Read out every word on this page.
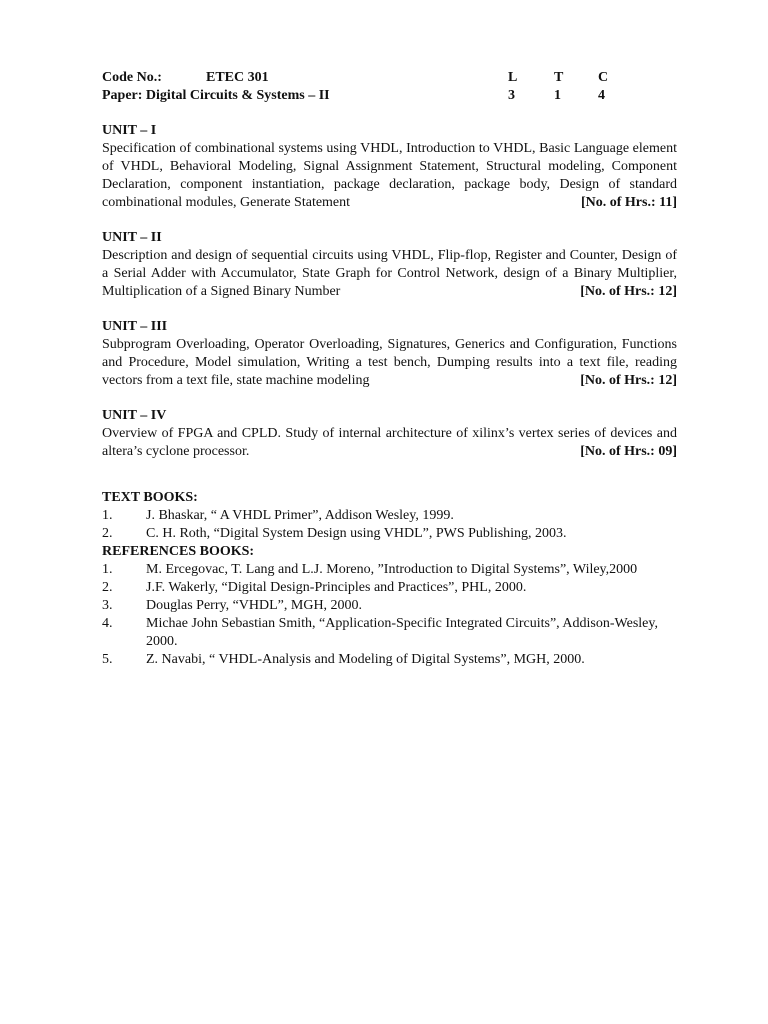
Code No.:	ETEC 301	L	T C
Paper: Digital Circuits & Systems – II	3	1	4
UNIT – I
Specification of combinational systems using VHDL, Introduction to VHDL, Basic Language element of VHDL, Behavioral Modeling, Signal Assignment Statement, Structural modeling, Component Declaration, component instantiation, package declaration, package body, Design of standard combinational modules, Generate Statement	[No. of Hrs.: 11]
UNIT – II
Description and design of sequential circuits using VHDL, Flip-flop, Register and Counter, Design of a Serial Adder with Accumulator, State Graph for Control Network, design of a Binary Multiplier, Multiplication of a Signed Binary Number	[No. of Hrs.: 12]
UNIT – III
Subprogram Overloading, Operator Overloading, Signatures, Generics and Configuration, Functions and Procedure, Model simulation, Writing a test bench, Dumping results into a text file, reading vectors from a text file, state machine modeling	[No. of Hrs.: 12]
UNIT – IV
Overview of FPGA and CPLD. Study of internal architecture of xilinx’s vertex series of devices and altera’s cyclone processor.	[No. of Hrs.: 09]
TEXT BOOKS:
1. J. Bhaskar, “ A VHDL Primer”, Addison Wesley, 1999.
2. C. H. Roth, “Digital System Design using VHDL”, PWS Publishing, 2003.
REFERENCES BOOKS:
1. M. Ercegovac, T. Lang and L.J. Moreno, ”Introduction to Digital Systems”, Wiley,2000
2. J.F. Wakerly, “Digital Design-Principles and Practices”, PHL, 2000.
3. Douglas Perry, “VHDL”, MGH, 2000.
4. Michae John Sebastian Smith, “Application-Specific Integrated Circuits”, Addison-Wesley, 2000.
5. Z. Navabi, “ VHDL-Analysis and Modeling of Digital Systems”, MGH, 2000.
